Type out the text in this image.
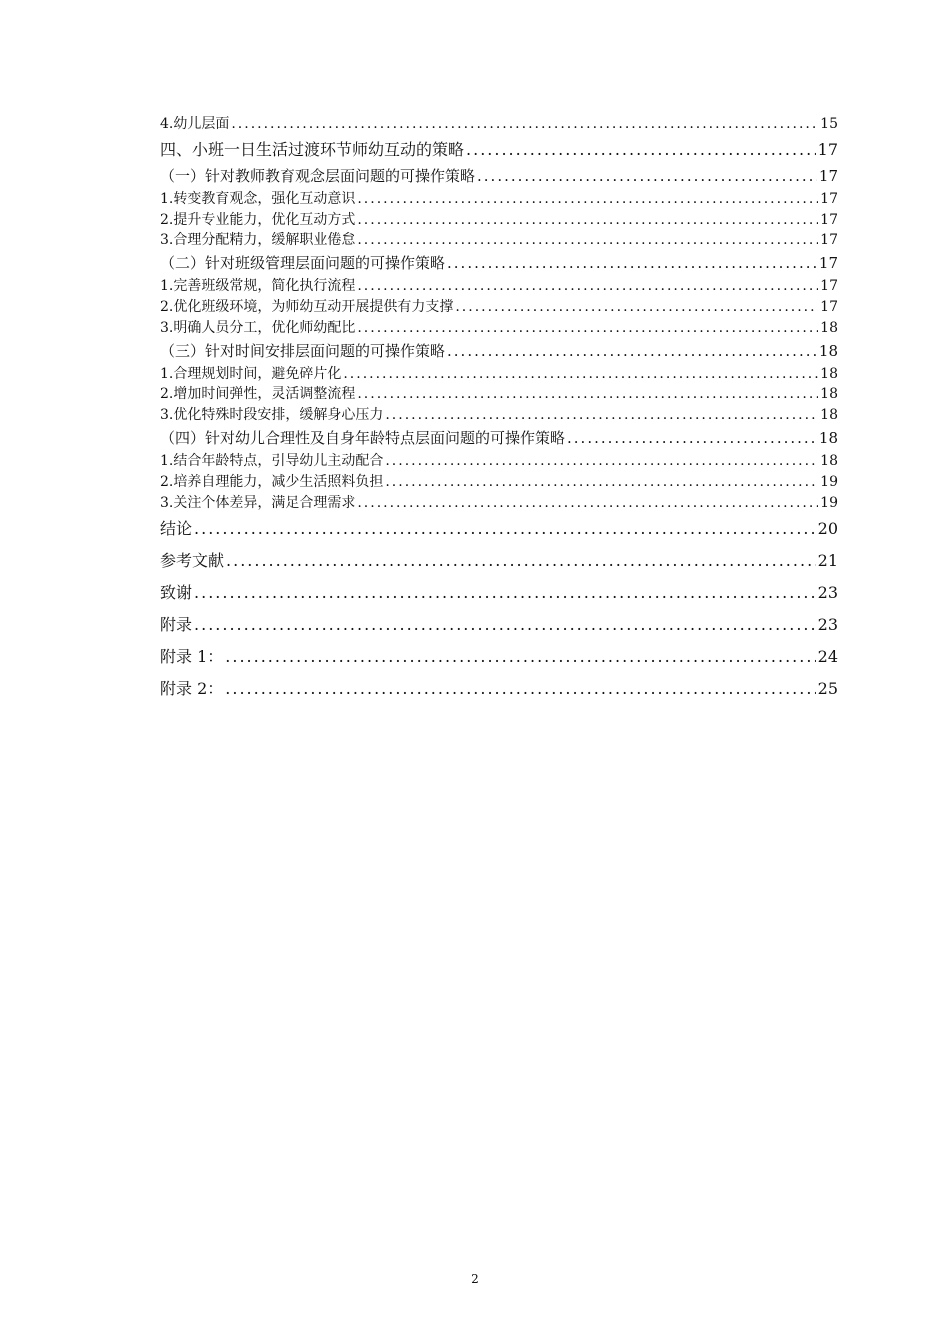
4.幼儿层面 .....	15
四、小班一日生活过渡环节师幼互动的策略 .....	17
（一）针对教师教育观念层面问题的可操作策略 .....	17
1.转变教育观念，强化互动意识 .....	17
2.提升专业能力，优化互动方式 .....	17
3.合理分配精力，缓解职业倦怠 .....	17
（二）针对班级管理层面问题的可操作策略 .....	17
1.完善班级常规，简化执行流程 .....	17
2.优化班级环境，为师幼互动开展提供有力支撑 .....	17
3.明确人员分工，优化师幼配比 .....	18
（三）针对时间安排层面问题的可操作策略 .....	18
1.合理规划时间，避免碎片化 .....	18
2.增加时间弹性，灵活调整流程 .....	18
3.优化特殊时段安排，缓解身心压力 .....	18
（四）针对幼儿合理性及自身年龄特点层面问题的可操作策略 .....	18
1.结合年龄特点，引导幼儿主动配合 .....	18
2.培养自理能力，减少生活照料负担 .....	19
3.关注个体差异，满足合理需求 .....	19
结论 .....	20
参考文献 .....	21
致谢 .....	23
附录 .....	23
附录 1： .....	24
附录 2： .....	25
2
